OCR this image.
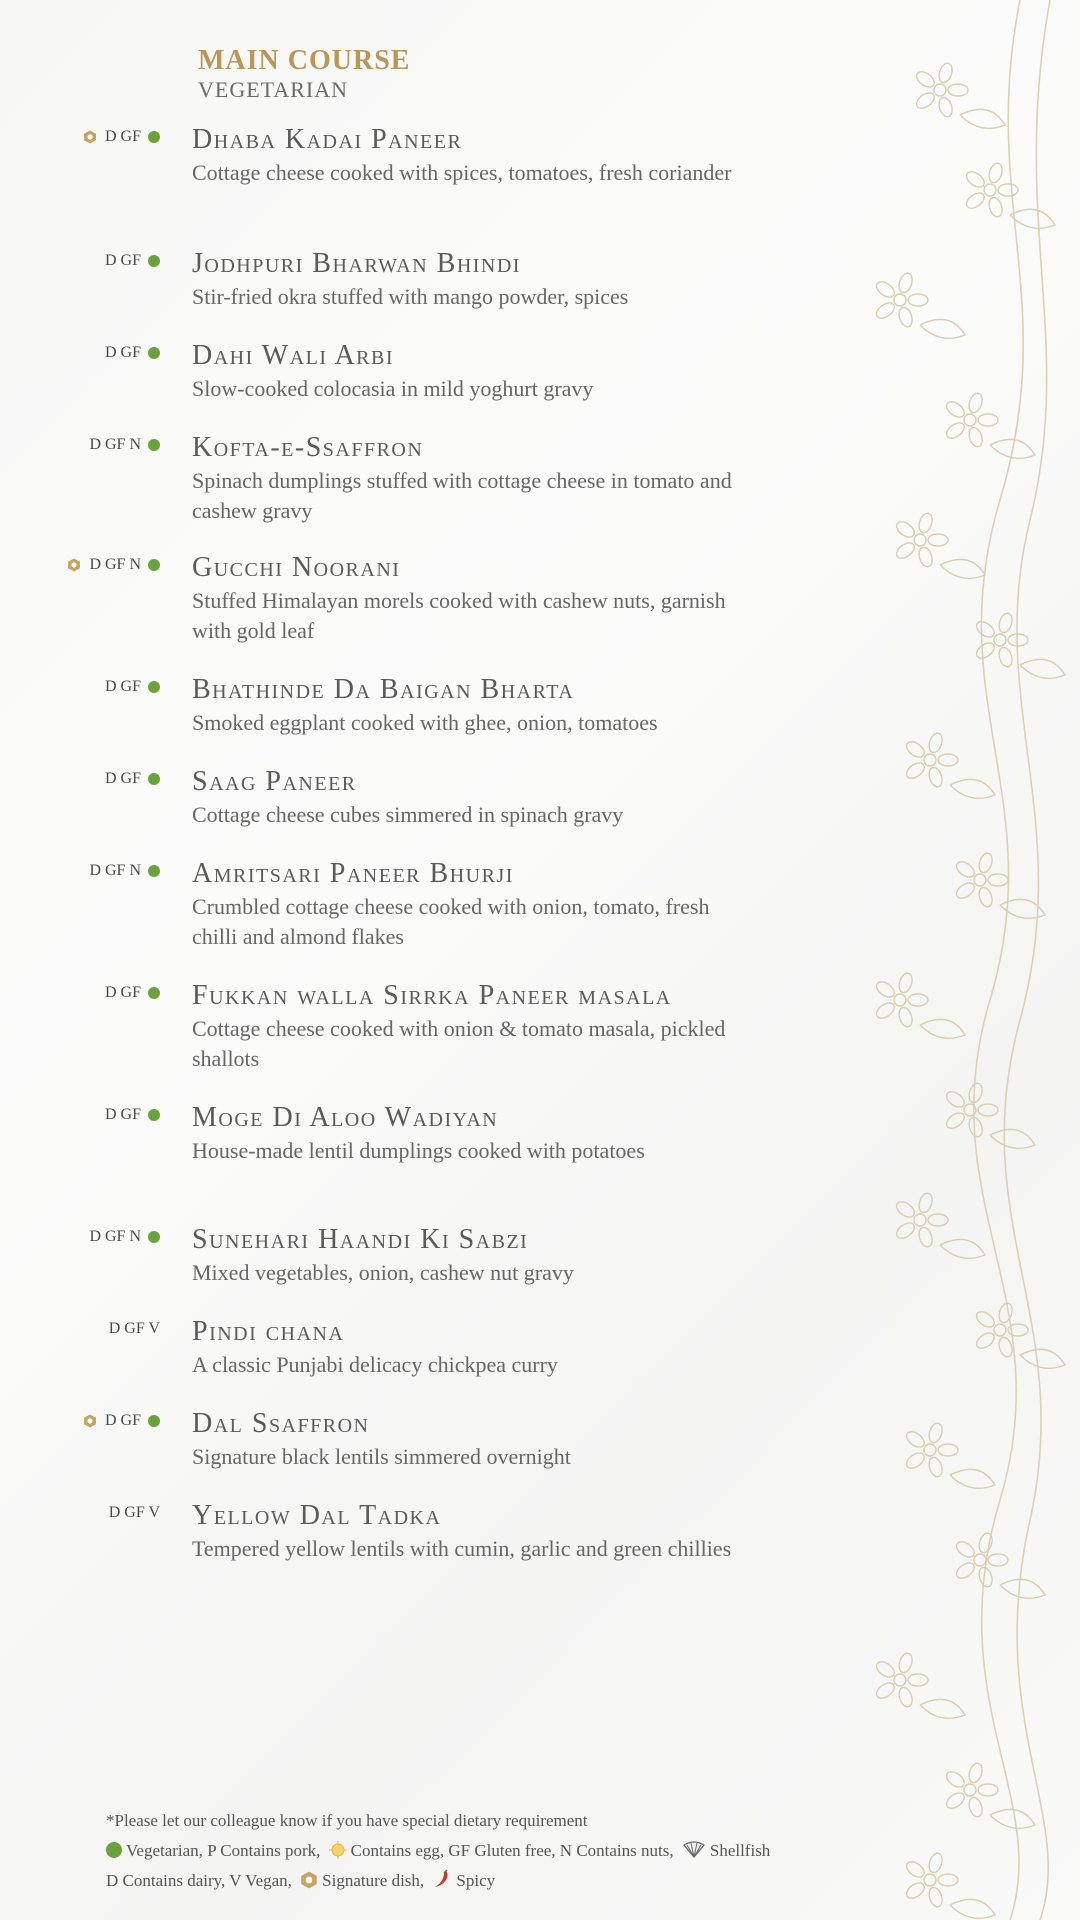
MAIN COURSE
VEGETARIAN
D GF Dhaba Kadai Paneer
Cottage cheese cooked with spices, tomatoes, fresh coriander
D GF Jodhpuri Bharwan Bhindi
Stir-fried okra stuffed with mango powder, spices
D GF Dahi Wali Arbi
Slow-cooked colocasia in mild yoghurt gravy
D GF N Kofta-e-Ssaffron
Spinach dumplings stuffed with cottage cheese in tomato and cashew gravy
D GF N Gucchi Noorani
Stuffed Himalayan morels cooked with cashew nuts, garnish with gold leaf
D GF Bhathinde Da Baigan Bharta
Smoked eggplant cooked with ghee, onion, tomatoes
D GF Saag Paneer
Cottage cheese cubes simmered in spinach gravy
D GF N Amritsari Paneer Bhurji
Crumbled cottage cheese cooked with onion, tomato, fresh chilli and almond flakes
D GF Fukkan walla Sirrka Paneer masala
Cottage cheese cooked with onion & tomato masala, pickled shallots
D GF Moge Di Aloo Wadiyan
House-made lentil dumplings cooked with potatoes
D GF N Sunehari Haandi Ki Sabzi
Mixed vegetables, onion, cashew nut gravy
D GF V Pindi chana
A classic Punjabi delicacy chickpea curry
D GF Dal Ssaffron
Signature black lentils simmered overnight
D GF V Yellow Dal Tadka
Tempered yellow lentils with cumin, garlic and green chillies
*Please let our colleague know if you have special dietary requirement
Vegetarian, P Contains pork, Contains egg, GF Gluten free, N Contains nuts, Shellfish
D Contains dairy, V Vegan, Signature dish, Spicy
